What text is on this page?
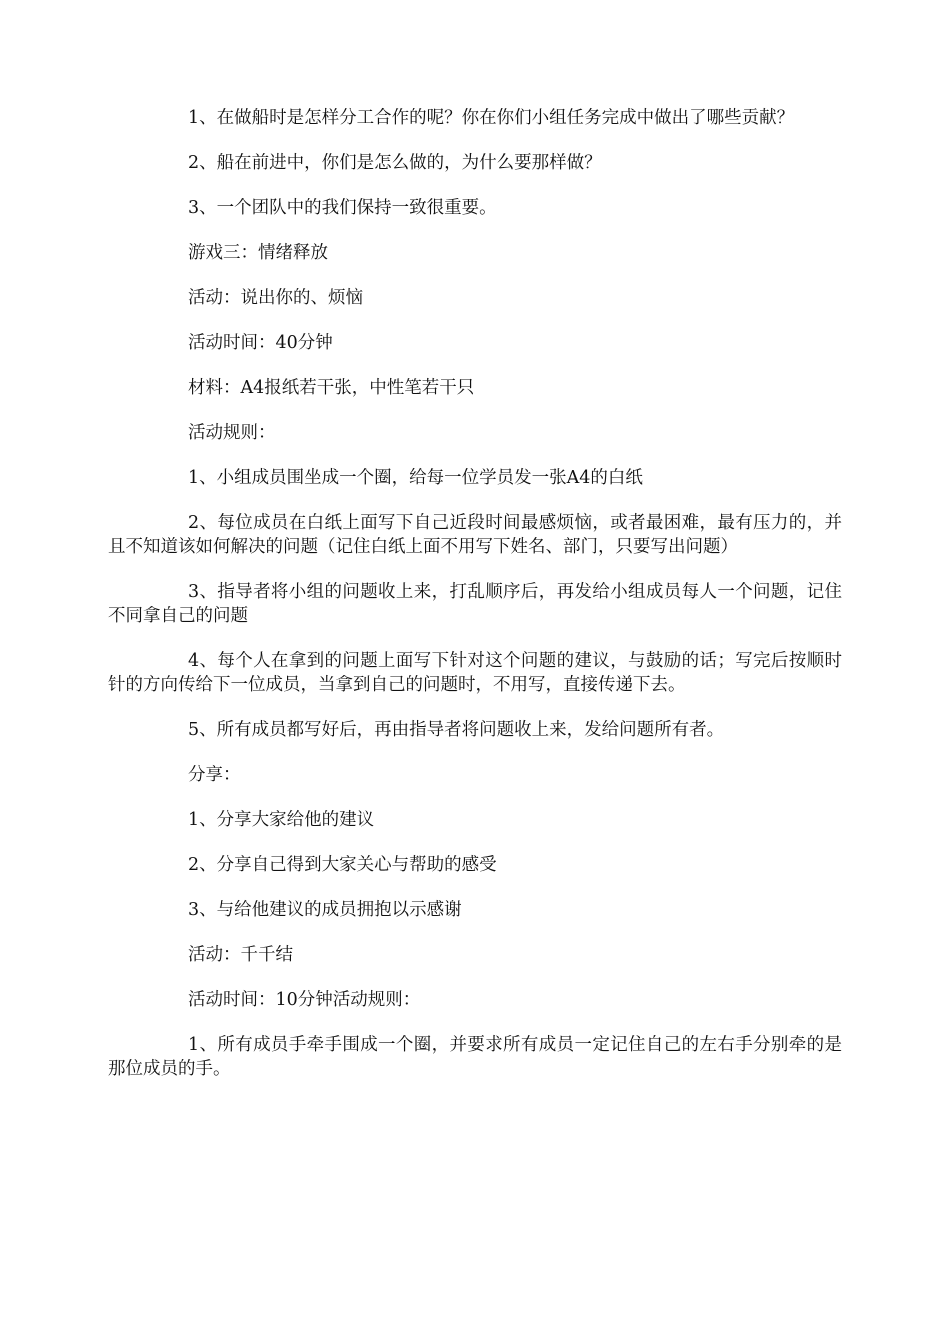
1、在做船时是怎样分工合作的呢？你在你们小组任务完成中做出了哪些贡献？

2、船在前进中，你们是怎么做的，为什么要那样做？

3、一个团队中的我们保持一致很重要。

游戏三：情绪释放

活动：说出你的、烦恼

活动时间：40分钟

材料：A4报纸若干张，中性笔若干只

活动规则：

1、小组成员围坐成一个圈，给每一位学员发一张A4的白纸

2、每位成员在白纸上面写下自己近段时间最感烦恼，或者最困难，最有压力的，并且不知道该如何解决的问题（记住白纸上面不用写下姓名、部门，只要写出问题）

3、指导者将小组的问题收上来，打乱顺序后，再发给小组成员每人一个问题，记住不同拿自己的问题

4、每个人在拿到的问题上面写下针对这个问题的建议，与鼓励的话；写完后按顺时针的方向传给下一位成员，当拿到自己的问题时，不用写，直接传递下去。

5、所有成员都写好后，再由指导者将问题收上来，发给问题所有者。

分享：

1、分享大家给他的建议

2、分享自己得到大家关心与帮助的感受

3、与给他建议的成员拥抱以示感谢

活动：千千结

活动时间：10分钟活动规则：

1、所有成员手牵手围成一个圈，并要求所有成员一定记住自己的左右手分别牵的是那位成员的手。
